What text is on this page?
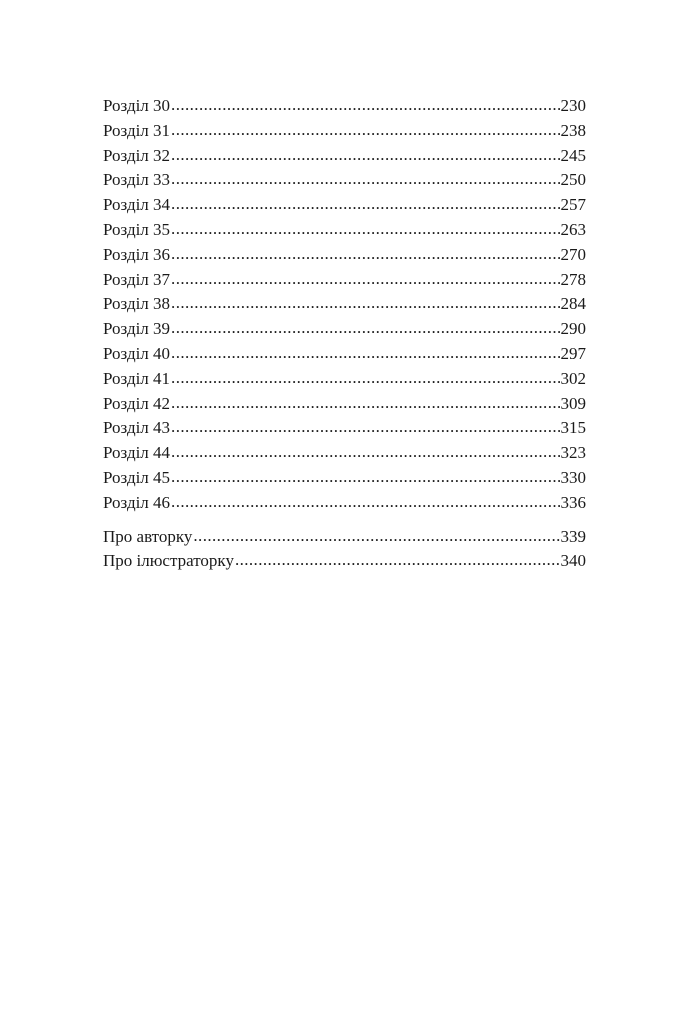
Розділ 30 .....	230
Розділ 31 .....	238
Розділ 32 .....	245
Розділ 33 .....	250
Розділ 34 .....	257
Розділ 35 .....	263
Розділ 36 .....	270
Розділ 37 .....	278
Розділ 38 .....	284
Розділ 39 .....	290
Розділ 40 .....	297
Розділ 41 .....	302
Розділ 42 .....	309
Розділ 43 .....	315
Розділ 44 .....	323
Розділ 45 .....	330
Розділ 46 .....	336
Про авторку .....	339
Про ілюстраторку .....	340
